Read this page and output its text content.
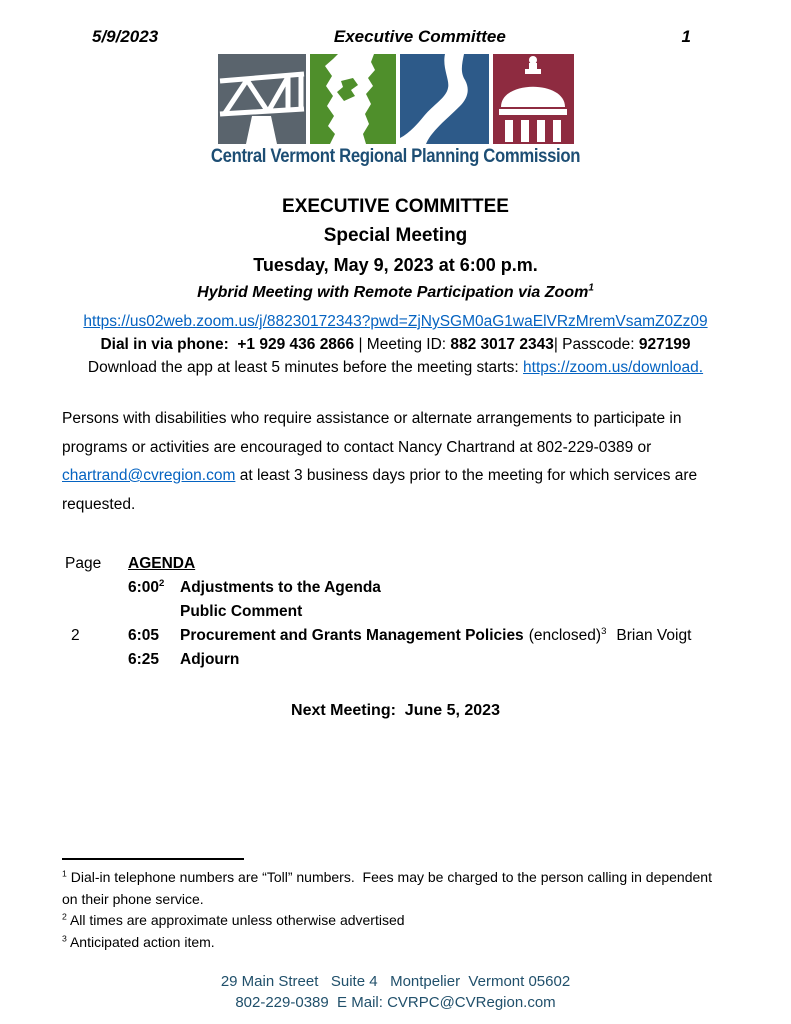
5/9/2023	Executive Committee	1
Central Vermont Regional Planning Commission
EXECUTIVE COMMITTEE
Special Meeting
Tuesday, May 9, 2023 at 6:00 p.m.
Hybrid Meeting with Remote Participation via Zoom$^1$
https://us02web.zoom.us/j/88230172343?pwd=ZjNySGM0aG1waElVRzMremVsamZ0Zz09
Dial in via phone:  +1 929 436 2866 | Meeting ID: 882 3017 2343| Passcode: 927199
Download the app at least 5 minutes before the meeting starts: https://zoom.us/download.

Persons with disabilities who require assistance or alternate arrangements to participate in programs or activities are encouraged to contact Nancy Chartrand at 802-229-0389 or chartrand@cvregion.com at least 3 business days prior to the meeting for which services are requested.

Page	AGENDA
$6:00^2$	Adjustments to the Agenda
Public Comment
2	6:05	Procurement and Grants Management Policies (enclosed)$^3$ Brian Voigt
6:25	Adjourn
Next Meeting:  June 5, 2023
$^1$ Dial-in telephone numbers are “Toll” numbers.  Fees may be charged to the person calling in dependent on their phone service.
$^2$ All times are approximate unless otherwise advertised
$^3$ Anticipated action item.
29 Main Street   Suite 4   Montpelier  Vermont 05602
802-229-0389  E Mail: CVRPC@CVRegion.com
